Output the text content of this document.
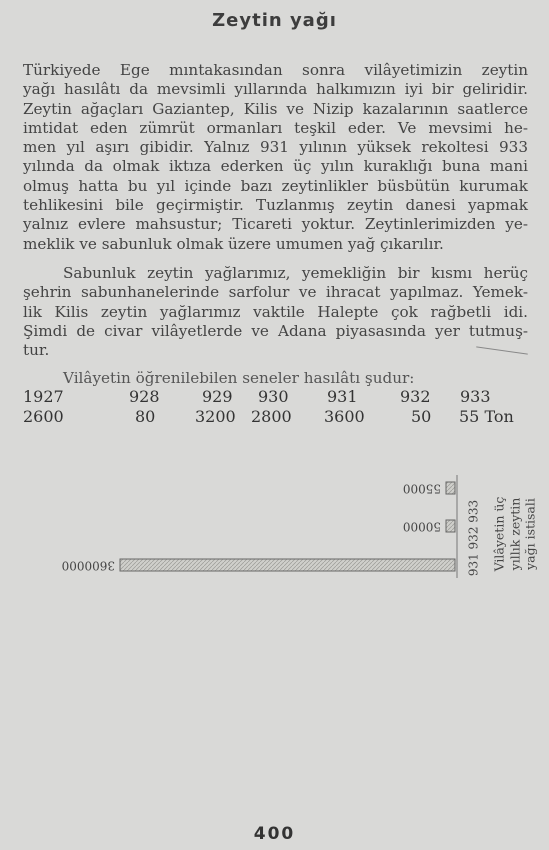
Zeytin yağı
Türkiyede Ege mıntakasından sonra vilâyetimizin zeytin
yağı hasılâtı da mevsimli yıllarında halkımızın iyi bir geliridir.
Zeytin ağaçları Gaziantep, Kilis ve Nizip kazalarının saatlerce
imtidat eden zümrüt ormanları teşkil eder. Ve mevsimi he-
men yıl aşırı gibidir. Yalnız 931 yılının yüksek rekoltesi 933
yılında da olmak iktıza ederken üç yılın kuraklığı buna mani
olmuş hatta bu yıl içinde bazı zeytinlikler büsbütün kurumak
tehlikesini bile geçirmiştir. Tuzlanmış zeytin danesi yapmak
yalnız evlere mahsustur; Ticareti yoktur. Zeytinlerimizden ye-
meklik ve sabunluk olmak üzere umumen yağ çıkarılır.
Sabunluk zeytin yağlarımız, yemekliğin bir kısmı herüç
şehrin sabunhanelerinde sarfolur ve ihracat yapılmaz. Yemek-
lik Kilis zeytin yağlarımız vaktile Halepte çok rağbetli idi.
Şimdi de civar vilâyetlerde ve Adana piyasasında yer tutmuş-
tur.
Vilâyetin öğrenilebilen seneler hasılâtı şudur:
1927	928	929 930 931	932 933
2600	80 3200 2800 3600	50 55 Ton
3600000
50000
55000
931 932 933 Vilâyetin üç yıllık zeytin yağı istisali
400
